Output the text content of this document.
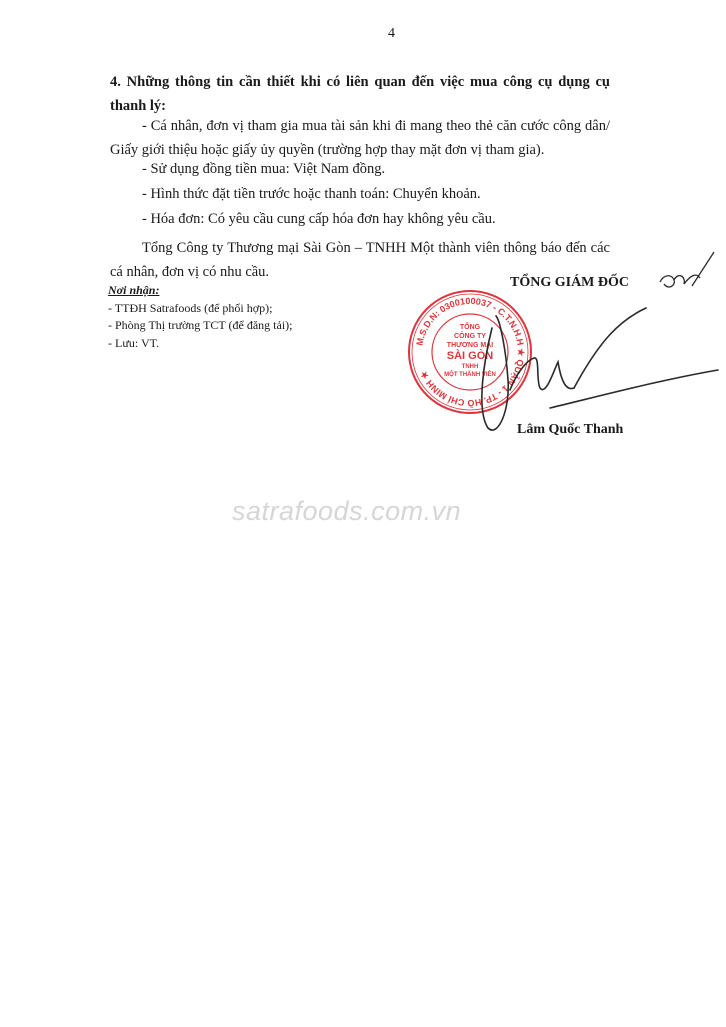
4
4. Những thông tin cần thiết khi có liên quan đến việc mua công cụ dụng cụ thanh lý:
- Cá nhân, đơn vị tham gia mua tài sản khi đi mang theo thẻ căn cước công dân/ Giấy giới thiệu hoặc giấy ủy quyền (trường hợp thay mặt đơn vị tham gia).
- Sử dụng đồng tiền mua: Việt Nam đồng.
- Hình thức đặt tiền trước hoặc thanh toán: Chuyển khoản.
- Hóa đơn: Có yêu cầu cung cấp hóa đơn hay không yêu cầu.
Tổng Công ty Thương mại Sài Gòn – TNHH Một thành viên thông báo đến các cá nhân, đơn vị có nhu cầu.
Nơi nhận:
- TTĐH Satrafoods (để phối hợp);
- Phòng Thị trường TCT (để đăng tải);
- Lưu: VT.
TỔNG GIÁM ĐỐC
M.S.D.N: 0300100037 - C.T.N.H.H ★ QUẬN 1 - TP. HỒ CHÍ MINH ★
TỔNG
CÔNG TY
THƯƠNG MẠI
SÀI GÒN
TNHH
MỘT THÀNH VIÊN
Lâm Quốc Thanh
satrafoods.com.vn
